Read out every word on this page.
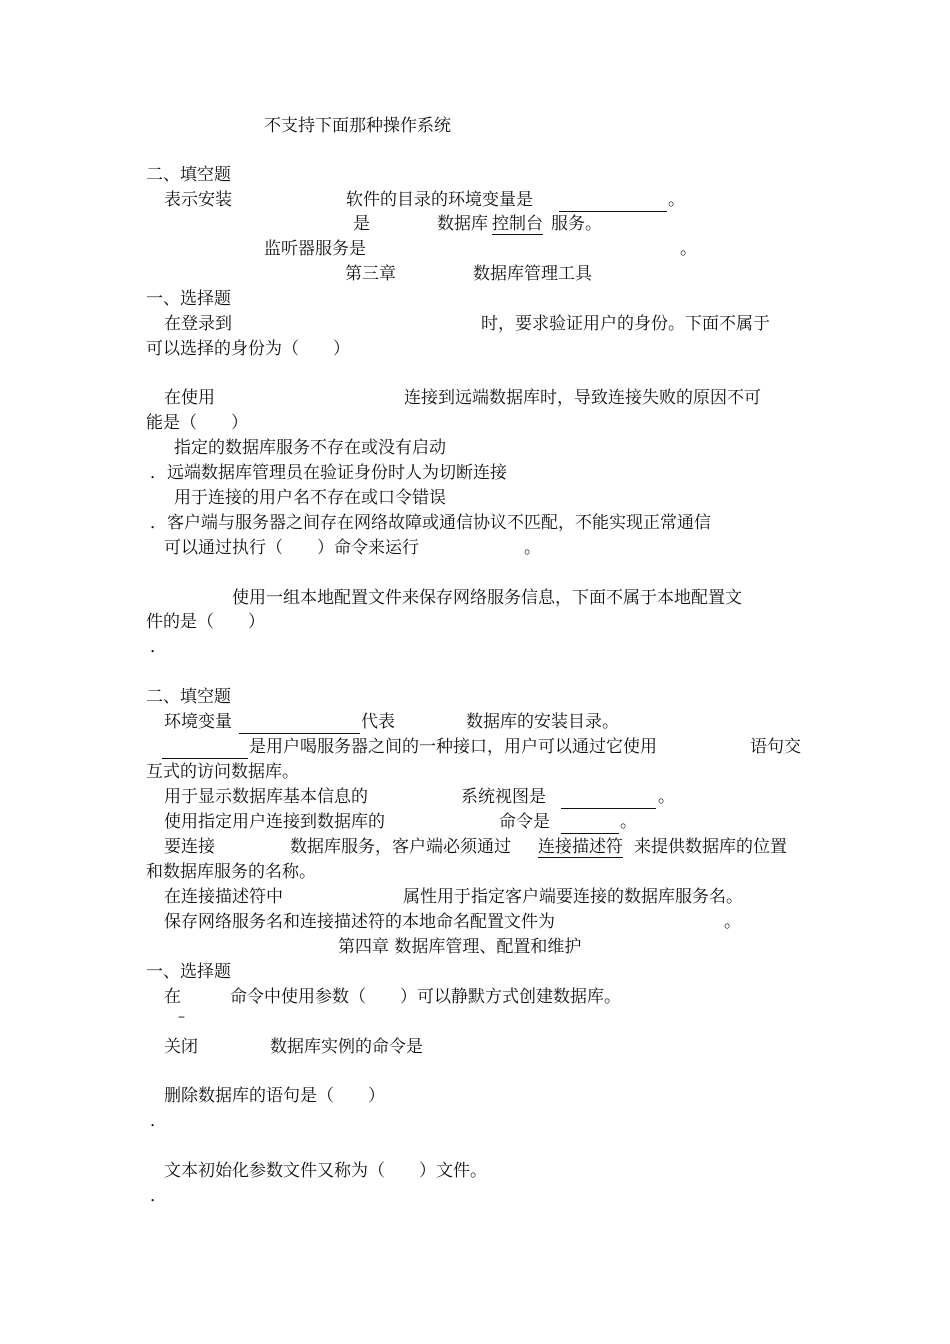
不支持下面那种操作系统
二、填空题
表示安装	软件的目录的环境变量是	。
是	数据库 控制台 服务。
监听器服务是	。
第三章	数据库管理工具
一、选择题
在登录到	时，要求验证用户的身份。下面不属于
可以选择的身份为（　　）
在使用	连接到远端数据库时，导致连接失败的原因不可
能是（　　）
指定的数据库服务不存在或没有启动
．远端数据库管理员在验证身份时人为切断连接
用于连接的用户名不存在或口令错误
．客户端与服务器之间存在网络故障或通信协议不匹配，不能实现正常通信
可以通过执行（　　）命令来运行	。
使用一组本地配置文件来保存网络服务信息，下面不属于本地配置文
件的是（　　）
．
二、填空题
环境变量	代表	数据库的安装目录。
是用户喝服务器之间的一种接口，用户可以通过它使用	语句交
互式的访问数据库。
用于显示数据库基本信息的	系统视图是	。
使用指定用户连接到数据库的	命令是	。
要连接	数据库服务，客户端必须通过 连接描述符 来提供数据库的位置
和数据库服务的名称。
在连接描述符中	属性用于指定客户端要连接的数据库服务名。
保存网络服务名和连接描述符的本地命名配置文件为	。
第四章 数据库管理、配置和维护
一、选择题
在	命令中使用参数（　　）可以静默方式创建数据库。
–
关闭	数据库实例的命令是
删除数据库的语句是（　　）
．
文本初始化参数文件又称为（　　）文件。
．
